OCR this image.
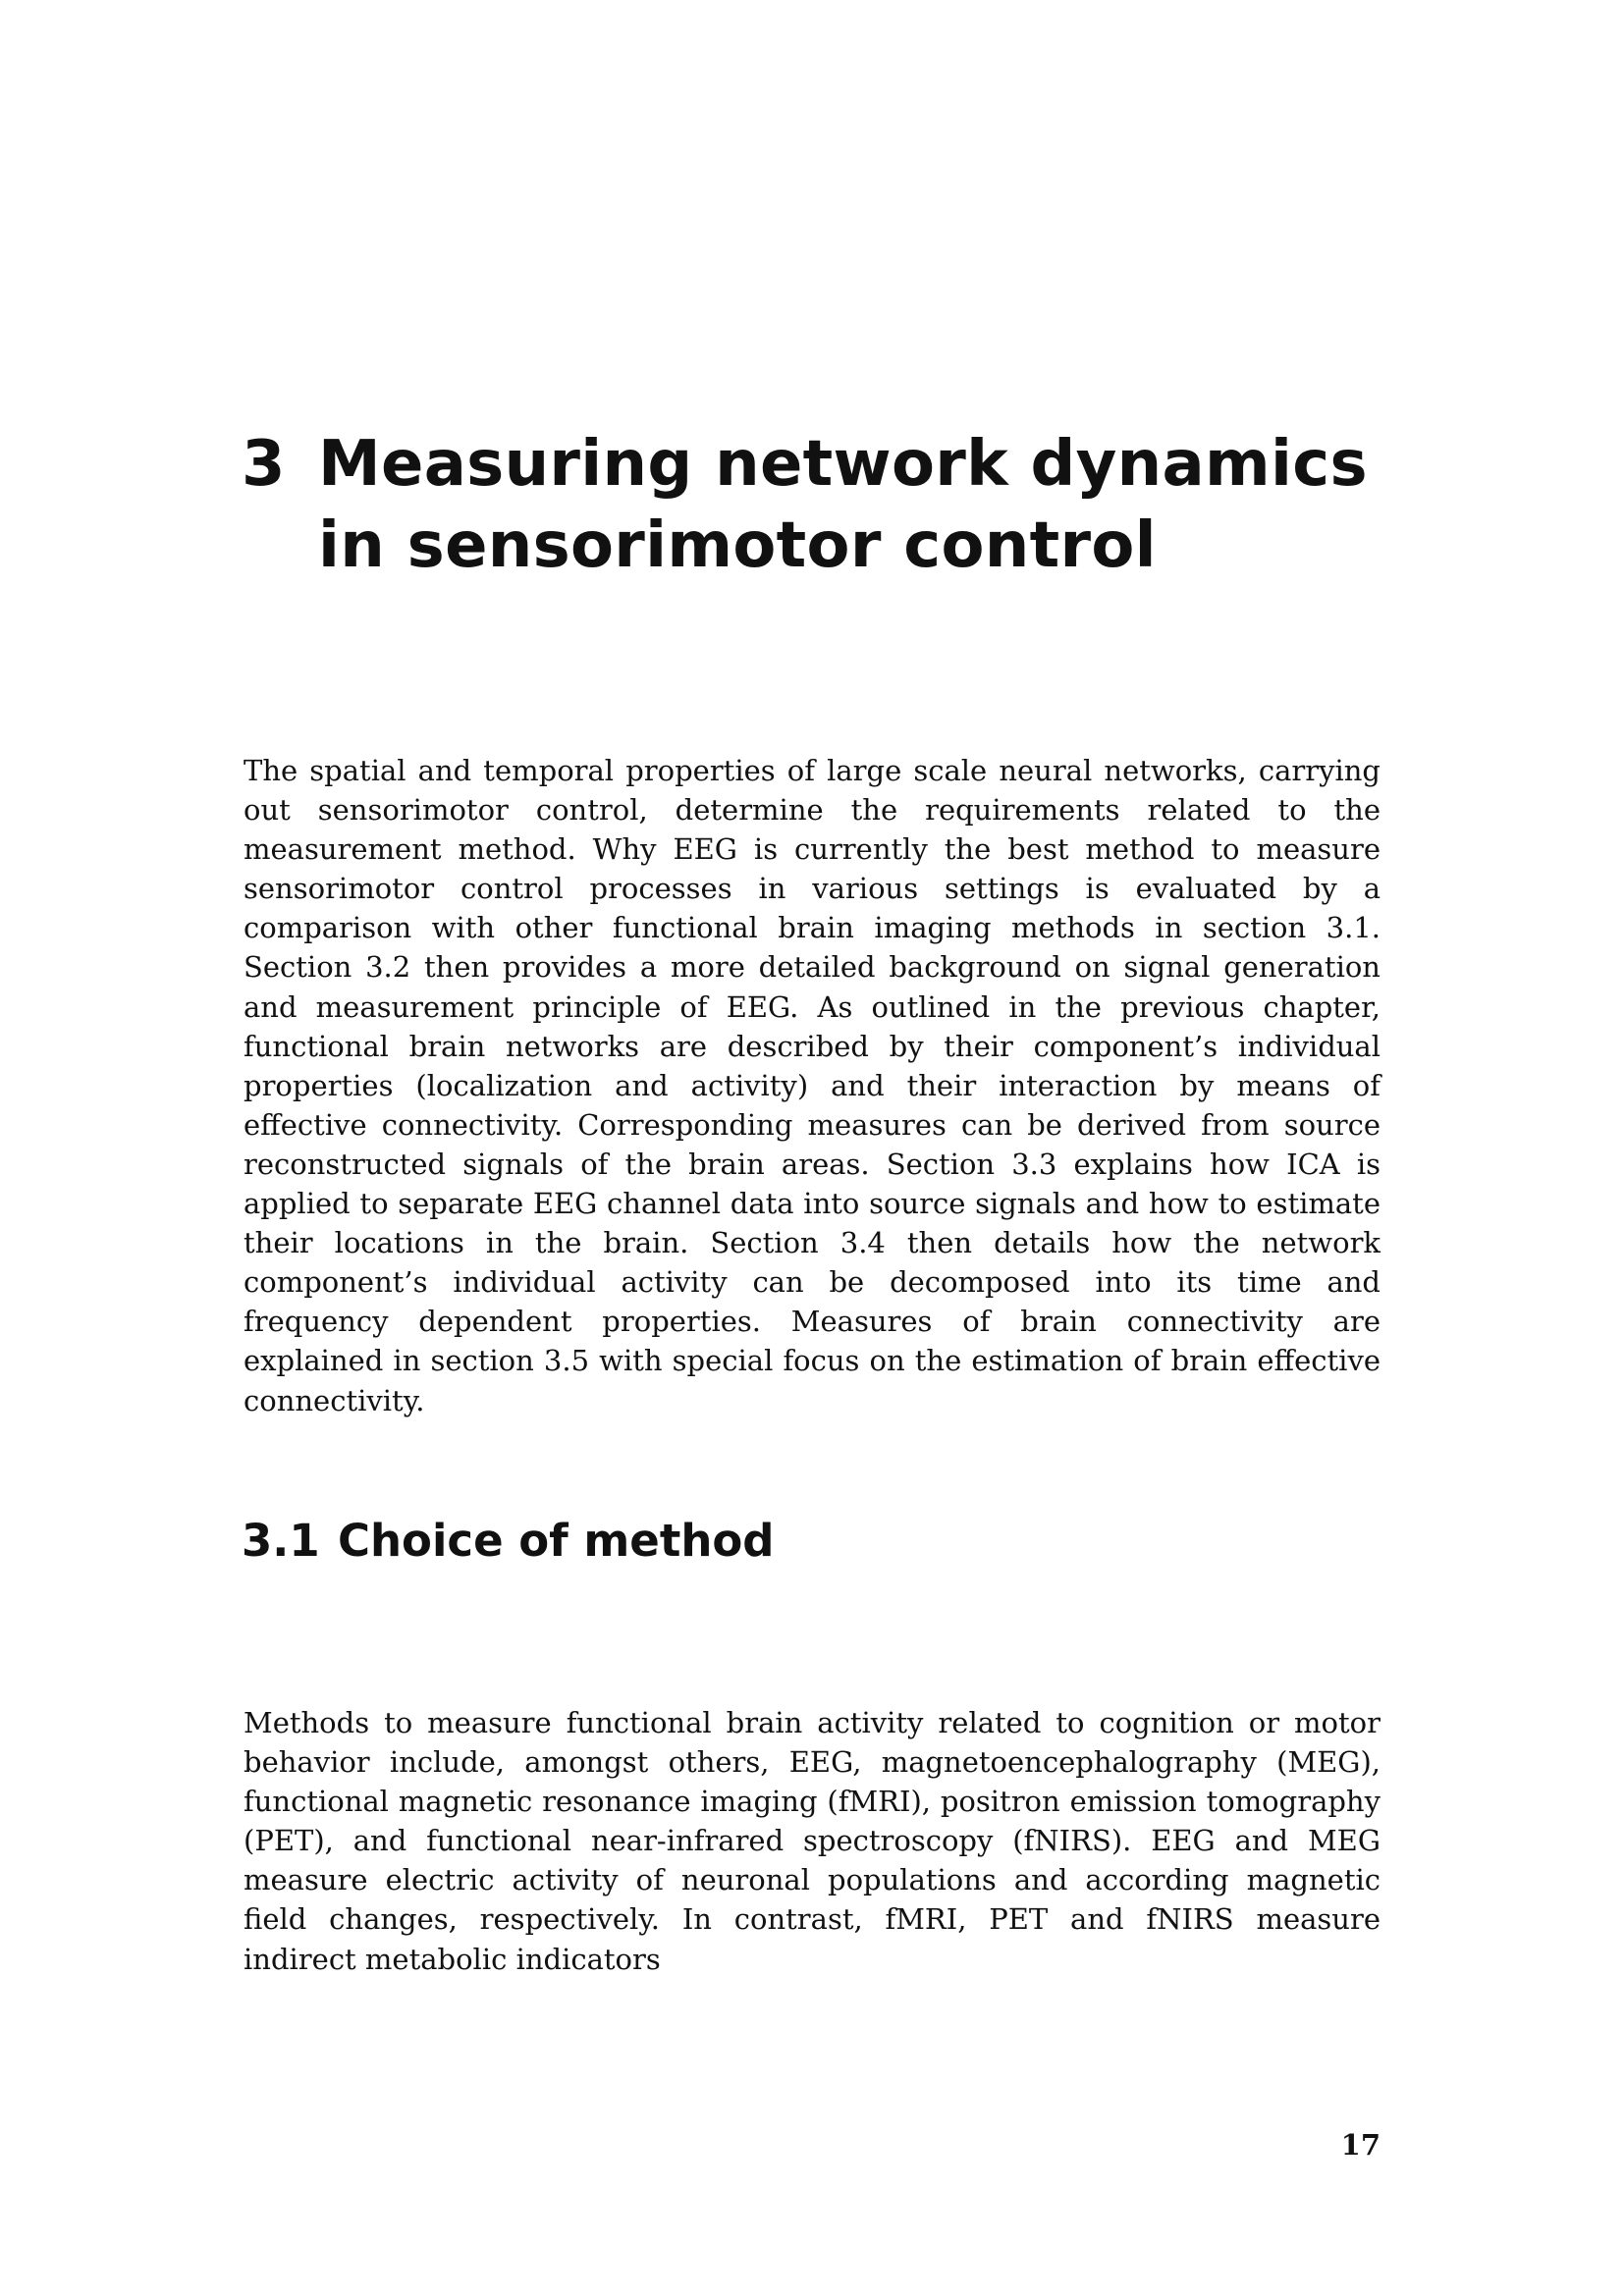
3 Measuring network dynamics in sensorimotor control

The spatial and temporal properties of large scale neural networks, carrying out sensorimotor control, determine the requirements related to the measurement method. Why EEG is currently the best method to measure sensorimotor control processes in various settings is evaluated by a comparison with other functional brain imaging methods in section 3.1. Section 3.2 then provides a more detailed background on signal generation and measurement principle of EEG. As outlined in the previous chapter, functional brain networks are described by their component’s individual properties (localization and activity) and their interaction by means of effective connectivity. Corresponding measures can be derived from source reconstructed signals of the brain areas. Section 3.3 explains how ICA is applied to separate EEG channel data into source signals and how to estimate their locations in the brain. Section 3.4 then details how the network component’s individual activity can be decomposed into its time and frequency dependent properties. Measures of brain connectivity are explained in section 3.5 with special focus on the estimation of brain effective connectivity.

3.1 Choice of method

Methods to measure functional brain activity related to cognition or motor behavior include, amongst others, EEG, magnetoencephalography (MEG), functional magnetic resonance imaging (fMRI), positron emission tomography (PET), and functional near-infrared spectroscopy (fNIRS). EEG and MEG measure electric activity of neuronal populations and according magnetic field changes, respectively. In contrast, fMRI, PET and fNIRS measure indirect metabolic indicators

17
